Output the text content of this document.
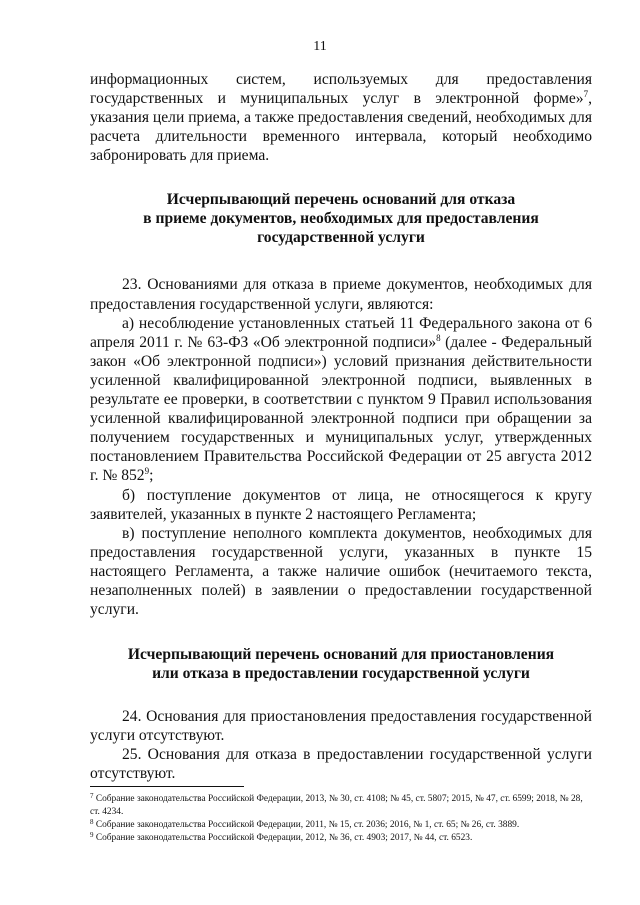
11

информационных систем, используемых для предоставления государственных и муниципальных услуг в электронной форме»$^7$, указания цели приема, а также предоставления сведений, необходимых для расчета длительности временного интервала, который необходимо забронировать для приема.

Исчерпывающий перечень оснований для отказа
в приеме документов, необходимых для предоставления
государственной услуги

23. Основаниями для отказа в приеме документов, необходимых для предоставления государственной услуги, являются:

а) несоблюдение установленных статьей 11 Федерального закона от 6 апреля 2011 г. № 63-ФЗ «Об электронной подписи»$^8$ (далее - Федеральный закон «Об электронной подписи») условий признания действительности усиленной квалифицированной электронной подписи, выявленных в результате ее проверки, в соответствии с пунктом 9 Правил использования усиленной квалифицированной электронной подписи при обращении за получением государственных и муниципальных услуг, утвержденных постановлением Правительства Российской Федерации от 25 августа 2012 г. № $852^9$;

б) поступление документов от лица, не относящегося к кругу заявителей, указанных в пункте 2 настоящего Регламента;

в) поступление неполного комплекта документов, необходимых для предоставления государственной услуги, указанных в пункте 15 настоящего Регламента, а также наличие ошибок (нечитаемого текста, незаполненных полей) в заявлении о предоставлении государственной услуги.

Исчерпывающий перечень оснований для приостановления
или отказа в предоставлении государственной услуги

24. Основания для приостановления предоставления государственной услуги отсутствуют.

25. Основания для отказа в предоставлении государственной услуги отсутствуют.

$^7$ Собрание законодательства Российской Федерации, 2013, № 30, ст. 4108; № 45, ст. 5807; 2015, № 47, ст. 6599; 2018, № 28, ст. 4234.

$^8$ Собрание законодательства Российской Федерации, 2011, № 15, ст. 2036; 2016, № 1, ст. 65; № 26, ст. 3889.

$^9$ Собрание законодательства Российской Федерации, 2012, № 36, ст. 4903; 2017, № 44, ст. 6523.
